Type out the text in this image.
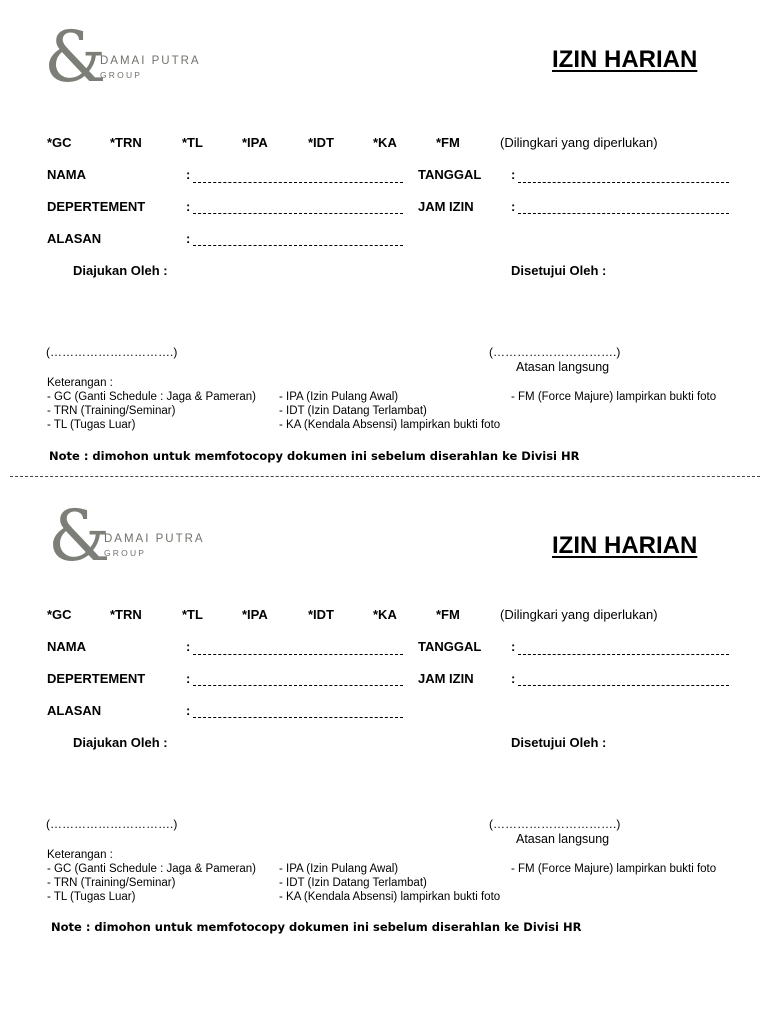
&
DAMAI PUTRA
GROUP
IZIN HARIAN
*GC	*TRN	*TL	*IPA	*IDT	*KA	*FM	(Dilingkari yang diperlukan)
NAMA	:	TANGGAL :
DEPERTEMENT	:	JAM IZIN	:
ALASAN	:
Diajukan Oleh :	Disetujui Oleh :
(………………………….)	(………………………….)
Atasan langsung
Keterangan :
- GC (Ganti Schedule : Jaga & Pameran)
- TRN (Training/Seminar)
- TL (Tugas Luar)
- IPA (Izin Pulang Awal)
- IDT (Izin Datang Terlambat)
- KA (Kendala Absensi) lampirkan bukti foto
- FM (Force Majure) lampirkan bukti foto
Note : dimohon untuk memfotocopy dokumen ini sebelum diserahlan ke Divisi HR
&
DAMAI PUTRA
GROUP	IZIN HARIAN
*GC	*TRN	*TL	*IPA	*IDT	*KA	*FM	(Dilingkari yang diperlukan)
NAMA	:	TANGGAL :
DEPERTEMENT	:	JAM IZIN	:
ALASAN	:
Diajukan Oleh :	Disetujui Oleh :
(………………………….)	(………………………….)
Atasan langsung
Keterangan :
- GC (Ganti Schedule : Jaga & Pameran)
- TRN (Training/Seminar)
- TL (Tugas Luar)
- IPA (Izin Pulang Awal)
- IDT (Izin Datang Terlambat)
- KA (Kendala Absensi) lampirkan bukti foto
- FM (Force Majure) lampirkan bukti foto
Note : dimohon untuk memfotocopy dokumen ini sebelum diserahlan ke Divisi HR
